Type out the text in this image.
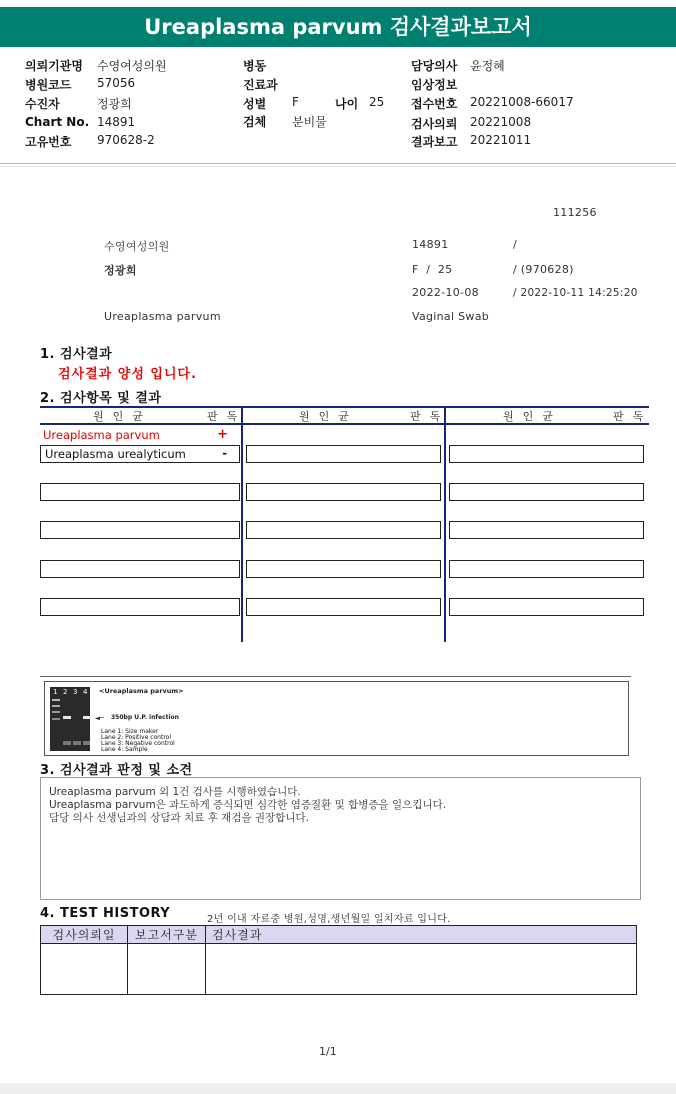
Ureaplasma parvum 검사결과보고서
의뢰기관명 수영여성의원
병원코드 57056
수진자	정광희
Chart No. 14891
고유번호 970628-2
병동
진료과
성별 F	나이 25
검체 분비물
담당의사 윤정혜
임상정보
접수번호 20221008-66017
검사의뢰 20221008
결과보고 20221011
111256
수영여성의원	14891	/
정광희	F  /  25	/ (970628)
2022-10-08	/ 2022-10-11 14:25:20
Ureaplasma parvum	Vaginal Swab
1. 검사결과
검사결과 양성 입니다.
2. 검사항목 및 결과
원인균	판독	원인균	판독	원인균	판독
Ureaplasma parvum	+
Ureaplasma urealyticum	-
1 2 3 4 <Ureaplasma parvum>
◄─ 350bp U.P. infection
Lane 1: Size maker
Lane 2: Positive control
Lane 3: Negative control
Lane 4: Sample
3. 검사결과 판정 및 소견
Ureaplasma parvum 외 1건 검사를 시행하였습니다.
Ureaplasma parvum은 과도하게 증식되면 심각한 염증질환 및 합병증을 일으킵니다.
담당 의사 선생님과의 상담과 치료 후 재검을 권장합니다.
4. TEST HISTORY	2년 이내 자료중 병원,성명,생년월일 일치자료 입니다.
검사의뢰일	보고서구분	검사결과

1/1
